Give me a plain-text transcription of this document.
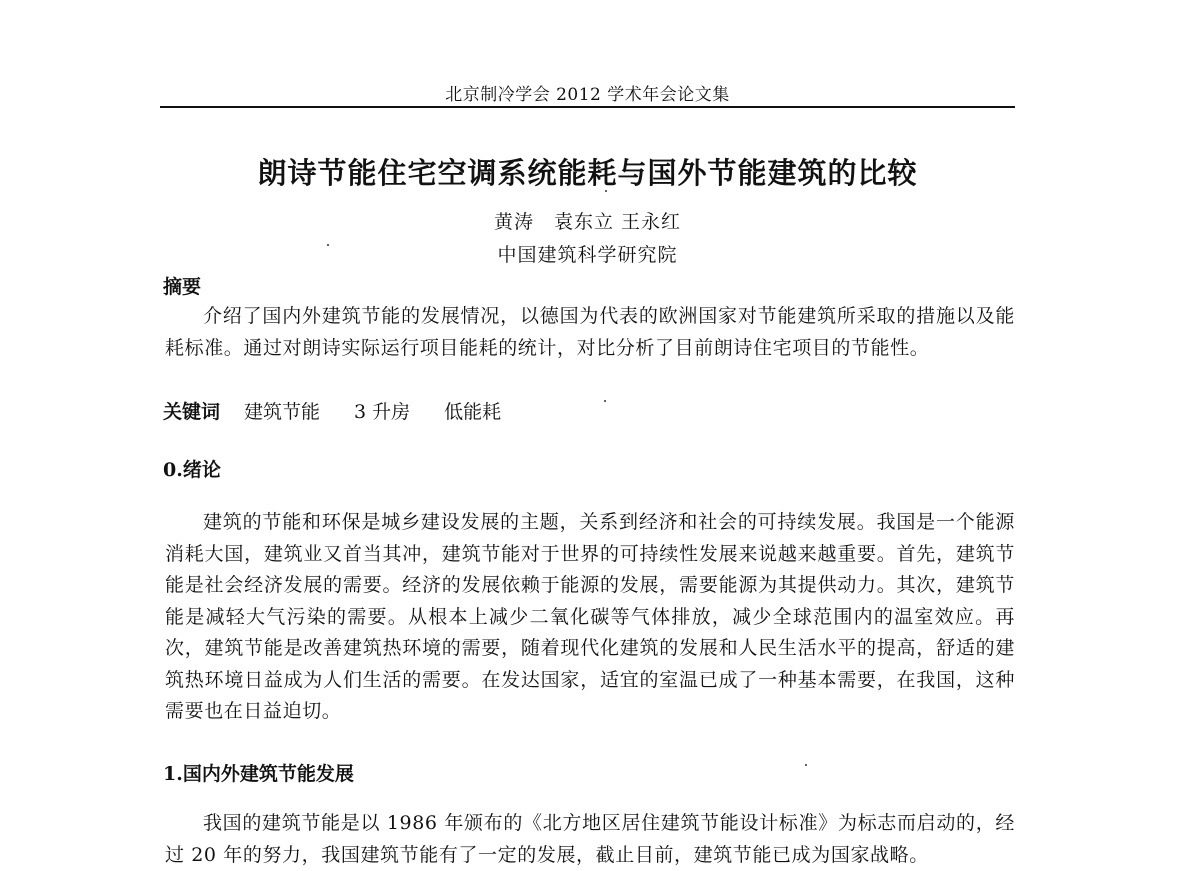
北京制冷学会 2012 学术年会论文集
朗诗节能住宅空调系统能耗与国外节能建筑的比较
黄涛　袁东立 王永红
中国建筑科学研究院
摘要

介绍了国内外建筑节能的发展情况，以德国为代表的欧洲国家对节能建筑所采取的措施以及能耗标准。通过对朗诗实际运行项目能耗的统计，对比分析了目前朗诗住宅项目的节能性。

关键词 建筑节能 3 升房 低能耗
0.绪论

建筑的节能和环保是城乡建设发展的主题，关系到经济和社会的可持续发展。我国是一个能源消耗大国，建筑业又首当其冲，建筑节能对于世界的可持续性发展来说越来越重要。首先，建筑节能是社会经济发展的需要。经济的发展依赖于能源的发展，需要能源为其提供动力。其次，建筑节能是减轻大气污染的需要。从根本上减少二氧化碳等气体排放，减少全球范围内的温室效应。再次，建筑节能是改善建筑热环境的需要，随着现代化建筑的发展和人民生活水平的提高，舒适的建筑热环境日益成为人们生活的需要。在发达国家，适宜的室温已成了一种基本需要，在我国，这种需要也在日益迫切。

1.国内外建筑节能发展

我国的建筑节能是以 1986 年颁布的《北方地区居住建筑节能设计标准》为标志而启动的，经过 20 年的努力，我国建筑节能有了一定的发展，截止目前，建筑节能已成为国家战略。
